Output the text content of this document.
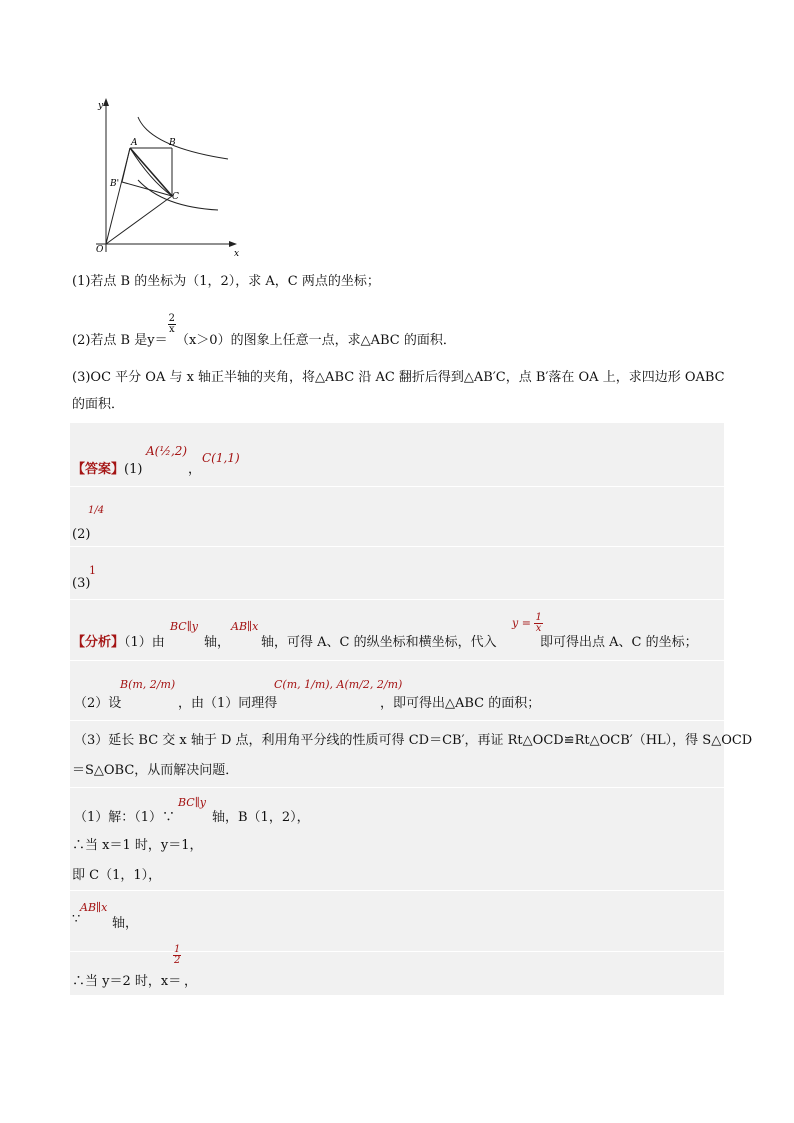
y
x
O
A	B
B'
C
(1)若点 B 的坐标为（1，2），求 A，C 两点的坐标；
(2)若点 B 是y＝
$\frac{2}{x}$
（x＞0）的图象上任意一点，求△ABC 的面积．
(3)OC 平分 OA 与 x 轴正半轴的夹角，将△ABC 沿 AC 翻折后得到△AB′C，点 B′落在 OA 上，求四边形 OABC
的面积．
【答案】(1)
A(½,2)
，
C(1,1)
(2)
1/4
(3)
1
【分析】（1）由
BC∥y
轴，
AB∥x
轴，可得 A、C 的纵坐标和横坐标，代入
$y = \frac{1}{x}$
即可得出点 A、C 的坐标；
（2）设
B(m, 2/m)
，由（1）同理得
C(m, 1/m), A(m/2, 2/m)
，即可得出△ABC 的面积；
（3）延长 BC 交 x 轴于 D 点，利用角平分线的性质可得 CD＝CB′，再证 Rt△OCD≌Rt△OCB′（HL），得 S△OCD
＝S△OBC，从而解决问题．
（1）解：（1）∵
BC∥y
轴，B（1，2），
∴当 x＝1 时，y＝1，
即 C（1，1），
∵
AB∥x
轴，
∴当 y＝2 时，x＝
$\frac{1}{2}$
，
